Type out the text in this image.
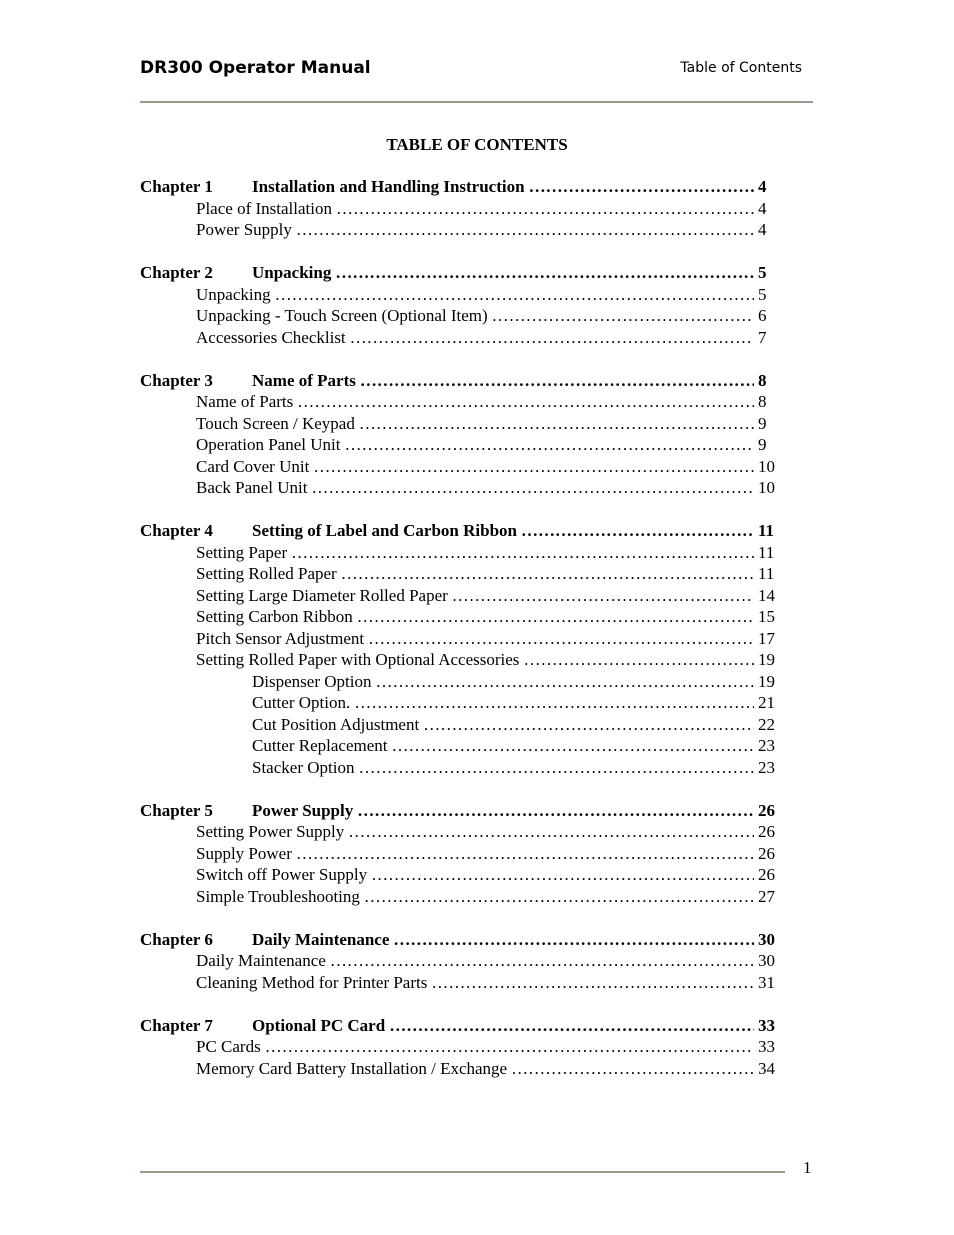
DR300 Operator Manual	Table of Contents
TABLE OF CONTENTS
Chapter 1	Installation and Handling Instruction ……………………………………………………………………………………………………………………………………	4
Place of Installation ……………………………………………………………………………………………………………………………………	4
Power Supply ……………………………………………………………………………………………………………………………………	4
Chapter 2	Unpacking ……………………………………………………………………………………………………………………………………	5
Unpacking ……………………………………………………………………………………………………………………………………	5
Unpacking - Touch Screen (Optional Item) ……………………………………………………………………………………………………………………………………	6
Accessories Checklist ……………………………………………………………………………………………………………………………………	7
Chapter 3	Name of Parts ……………………………………………………………………………………………………………………………………	8
Name of Parts ……………………………………………………………………………………………………………………………………	8
Touch Screen / Keypad ……………………………………………………………………………………………………………………………………	9
Operation Panel Unit ……………………………………………………………………………………………………………………………………	9
Card Cover Unit ……………………………………………………………………………………………………………………………………	10
Back Panel Unit ……………………………………………………………………………………………………………………………………	10
Chapter 4	Setting of Label and Carbon Ribbon ……………………………………………………………………………………………………………………………………	11
Setting Paper ……………………………………………………………………………………………………………………………………	11
Setting Rolled Paper ……………………………………………………………………………………………………………………………………	11
Setting Large Diameter Rolled Paper ……………………………………………………………………………………………………………………………………	14
Setting Carbon Ribbon ……………………………………………………………………………………………………………………………………	15
Pitch Sensor Adjustment ……………………………………………………………………………………………………………………………………	17
Setting Rolled Paper with Optional Accessories ……………………………………………………………………………………………………………………………………	19
Dispenser Option ……………………………………………………………………………………………………………………………………	19
Cutter Option. ……………………………………………………………………………………………………………………………………	21
Cut Position Adjustment ……………………………………………………………………………………………………………………………………	22
Cutter Replacement ……………………………………………………………………………………………………………………………………	23
Stacker Option ……………………………………………………………………………………………………………………………………	23
Chapter 5	Power Supply ……………………………………………………………………………………………………………………………………	26
Setting Power Supply ……………………………………………………………………………………………………………………………………	26
Supply Power ……………………………………………………………………………………………………………………………………	26
Switch off Power Supply ……………………………………………………………………………………………………………………………………	26
Simple Troubleshooting ……………………………………………………………………………………………………………………………………	27
Chapter 6	Daily Maintenance ……………………………………………………………………………………………………………………………………	30
Daily Maintenance ……………………………………………………………………………………………………………………………………	30
Cleaning Method for Printer Parts ……………………………………………………………………………………………………………………………………	31
Chapter 7	Optional PC Card ……………………………………………………………………………………………………………………………………	33
PC Cards ……………………………………………………………………………………………………………………………………	33
Memory Card Battery Installation / Exchange ……………………………………………………………………………………………………………………………………	34
1
